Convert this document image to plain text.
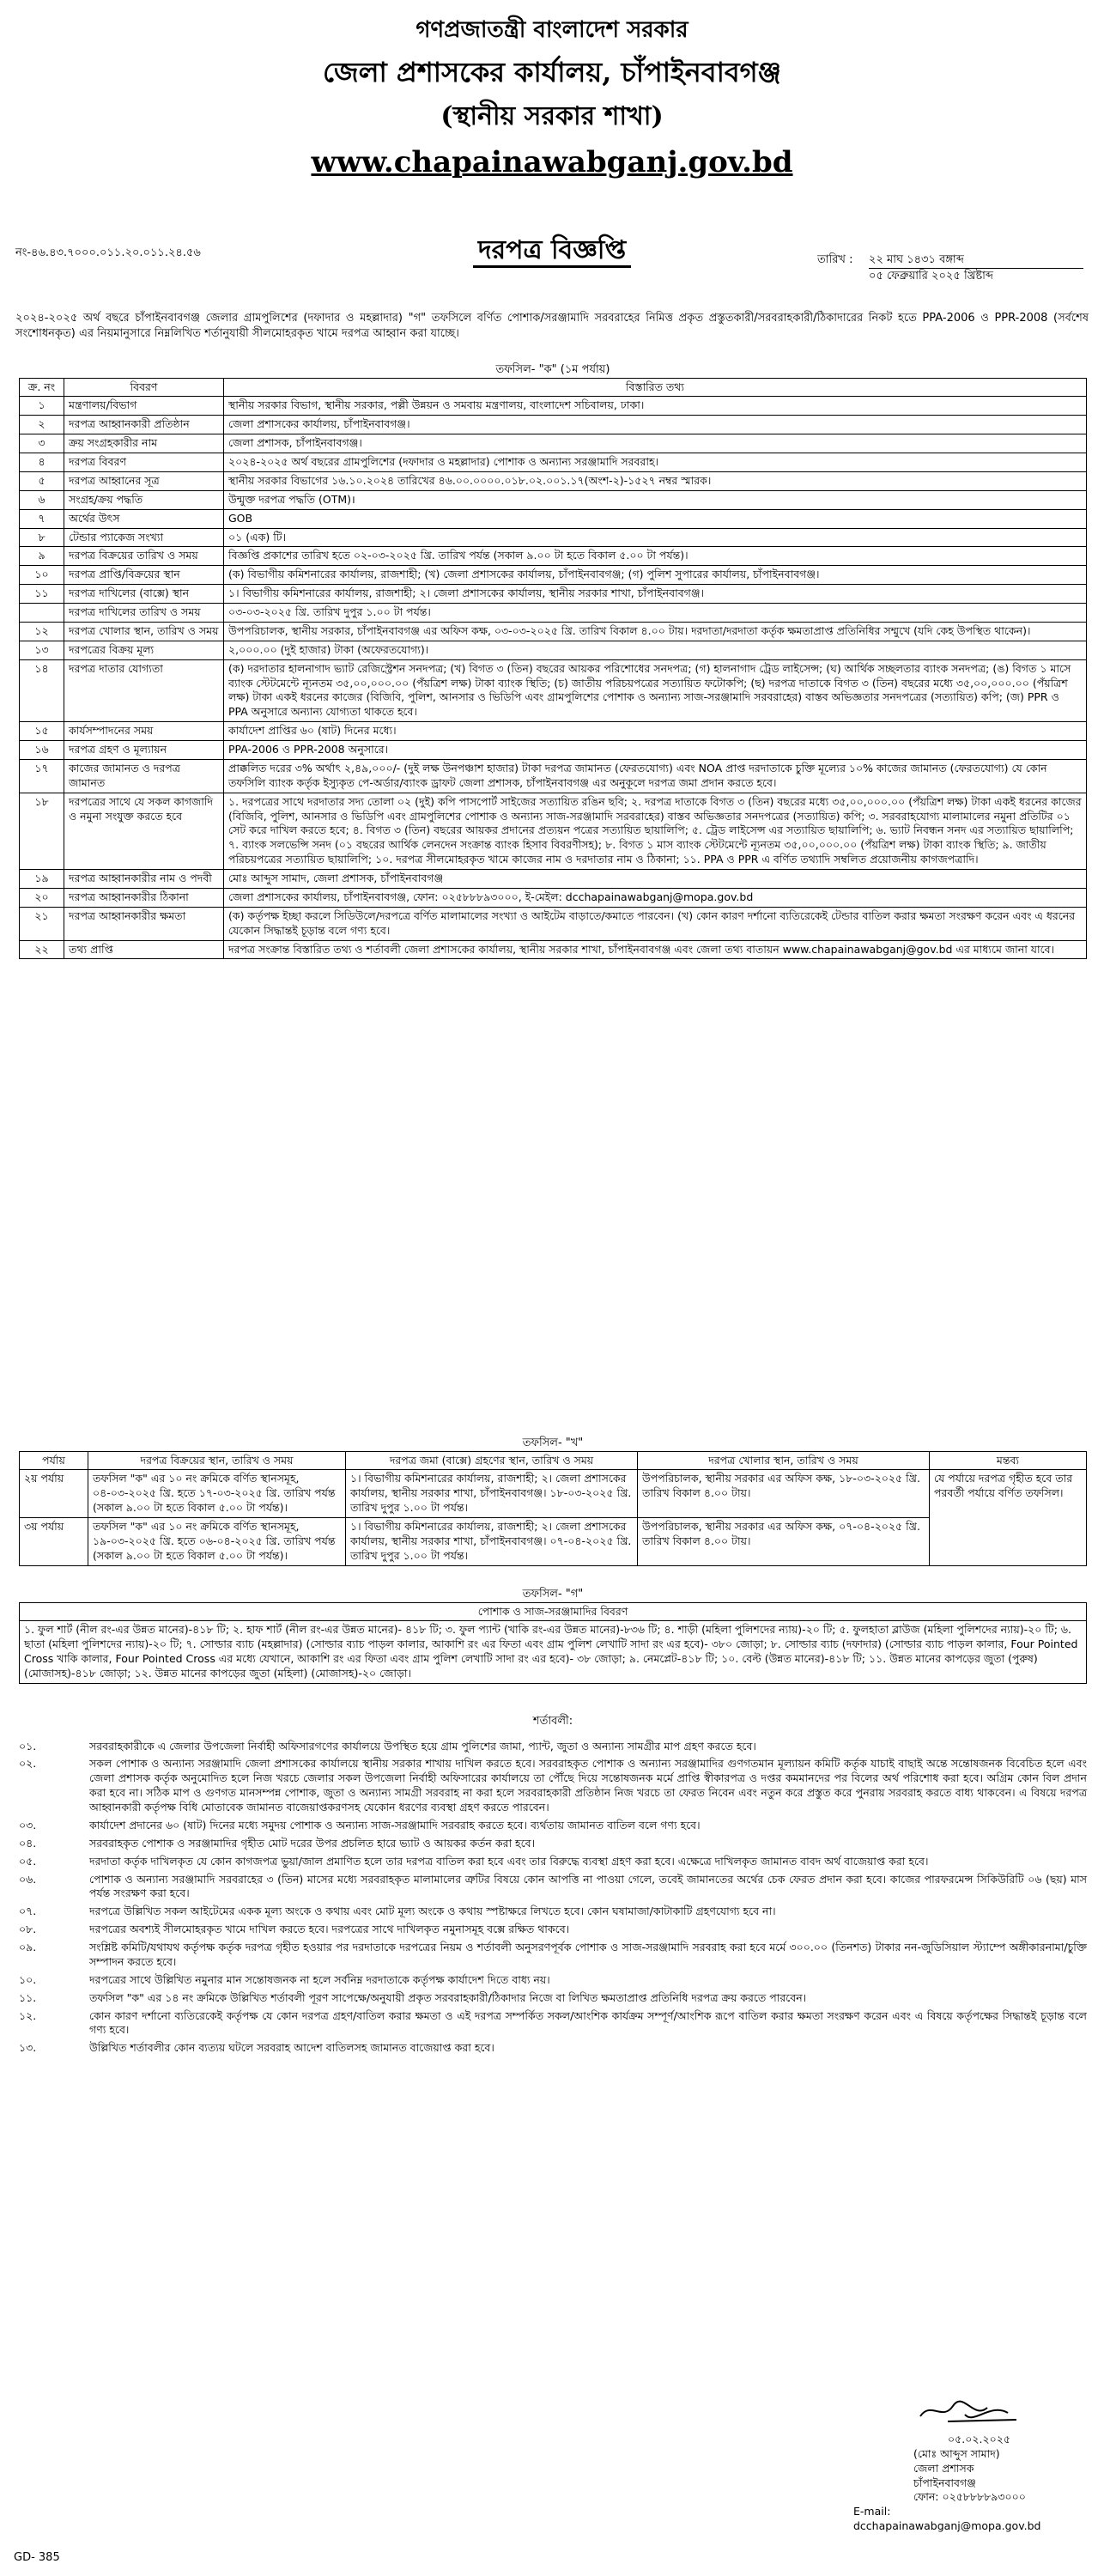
গণপ্রজাতন্ত্রী বাংলাদেশ সরকার
জেলা প্রশাসকের কার্যালয়, চাঁপাইনবাবগঞ্জ
(স্থানীয় সরকার শাখা)
www.chapainawabganj.gov.bd
নং-৪৬.৪৩.৭০০০.০১১.২০.০১১.২৪.৫৬	দরপত্র বিজ্ঞপ্তি	তারিখ :	২২ মাঘ ১৪৩১ বঙ্গাব্দ
০৫ ফেব্রুয়ারি ২০২৫ খ্রিষ্টাব্দ
২০২৪-২০২৫ অর্থ বছরে চাঁপাইনবাবগঞ্জ জেলার গ্রামপুলিশের (দফাদার ও মহল্লাদার) "গ" তফসিলে বর্ণিত পোশাক/সরঞ্জামাদি সরবরাহের নিমিত্ত প্রকৃত প্রস্তুতকারী/সরবরাহকারী/ঠিকাদারের নিকট হতে PPA-2006 ও PPR-2008 (সর্বশেষ সংশোধনকৃত) এর নিয়মানুসারে নিম্নলিখিত শর্তানুযায়ী সীলমোহরকৃত খামে দরপত্র আহ্বান করা যাচ্ছে।

তফসিল- "ক" (১ম পর্যায়)

ক্র. নং	বিবরণ	বিস্তারিত তথ্য
১	মন্ত্রণালয়/বিভাগ	স্থানীয় সরকার বিভাগ, স্থানীয় সরকার, পল্লী উন্নয়ন ও সমবায় মন্ত্রণালয়, বাংলাদেশ সচিবালয়, ঢাকা।
২	দরপত্র আহ্বানকারী প্রতিষ্ঠান	জেলা প্রশাসকের কার্যালয়, চাঁপাইনবাবগঞ্জ।
৩	ক্রয় সংগ্রহকারীর নাম	জেলা প্রশাসক, চাঁপাইনবাবগঞ্জ।
৪	দরপত্র বিবরণ	২০২৪-২০২৫ অর্থ বছরের গ্রামপুলিশের (দফাদার ও মহল্লাদার) পোশাক ও অন্যান্য সরঞ্জামাদি সরবরাহ।
৫	দরপত্র আহ্বানের সূত্র	স্থানীয় সরকার বিভাগের ১৬.১০.২০২৪ তারিখের ৪৬.০০.০০০০.০১৮.০২.০০১.১৭(অংশ-২)-১৫২৭ নম্বর স্মারক।
৬	সংগ্রহ/ক্রয় পদ্ধতি	উন্মুক্ত দরপত্র পদ্ধতি (OTM)।
৭	অর্থের উৎস	GOB
৮	টেন্ডার প্যাকেজ সংখ্যা	০১ (এক) টি।
৯	দরপত্র বিক্রয়ের তারিখ ও সময়	বিজ্ঞপ্তি প্রকাশের তারিখ হতে ০২-০৩-২০২৫ খ্রি. তারিখ পর্যন্ত (সকাল ৯.০০ টা হতে বিকাল ৫.০০ টা পর্যন্ত)।
১০	দরপত্র প্রাপ্তি/বিক্রয়ের স্থান	(ক) বিভাগীয় কমিশনারের কার্যালয়, রাজশাহী; (খ) জেলা প্রশাসকের কার্যালয়, চাঁপাইনবাবগঞ্জ; (গ) পুলিশ সুপারের কার্যালয়, চাঁপাইনবাবগঞ্জ।
১১	দরপত্র দাখিলের (বাক্সে) স্থান	১। বিভাগীয় কমিশনারের কার্যালয়, রাজশাহী; ২। জেলা প্রশাসকের কার্যালয়, স্থানীয় সরকার শাখা, চাঁপাইনবাবগঞ্জ।
	দরপত্র দাখিলের তারিখ ও সময়	০৩-০৩-২০২৫ খ্রি. তারিখ দুপুর ১.০০ টা পর্যন্ত।
১২	দরপত্র খোলার স্থান, তারিখ ও সময়	উপপরিচালক, স্থানীয় সরকার, চাঁপাইনবাবগঞ্জ এর অফিস কক্ষ, ০৩-০৩-২০২৫ খ্রি. তারিখ বিকাল ৪.০০ টায়। দরদাতা/দরদাতা কর্তৃক ক্ষমতাপ্রাপ্ত প্রতিনিধির সম্মুখে (যদি কেহ উপস্থিত থাকেন)।
১৩	দরপত্রের বিক্রয় মূল্য	২,০০০.০০ (দুই হাজার) টাকা (অফেরতযোগ্য)।
১৪	দরপত্র দাতার যোগ্যতা	(ক) দরদাতার হালনাগাদ ভ্যাট রেজিস্ট্রেশন সনদপত্র; (খ) বিগত ৩ (তিন) বছরের আয়কর পরিশোধের সনদপত্র; (গ) হালনাগাদ ট্রেড লাইসেন্স; (ঘ) আর্থিক সচ্ছলতার ব্যাংক সনদপত্র; (ঙ) বিগত ১ মাসে ব্যাংক স্টেটমেন্টে ন্যূনতম ৩৫,০০,০০০.০০ (পঁয়ত্রিশ লক্ষ) টাকা ব্যাংক স্থিতি; (চ) জাতীয় পরিচয়পত্রের সত্যায়িত ফটোকপি; (ছ) দরপত্র দাতাকে বিগত ৩ (তিন) বছরের মধ্যে ৩৫,০০,০০০.০০ (পঁয়ত্রিশ লক্ষ) টাকা একই ধরনের কাজের (বিজিবি, পুলিশ, আনসার ও ভিডিপি এবং গ্রামপুলিশের পোশাক ও অন্যান্য সাজ-সরঞ্জামাদি সরবরাহের) বাস্তব অভিজ্ঞতার সনদপত্রের (সত্যায়িত) কপি; (জ) PPR ও PPA অনুসারে অন্যান্য যোগ্যতা থাকতে হবে।
১৫	কার্যসম্পাদনের সময়	কার্যাদেশ প্রাপ্তির ৬০ (ষাট) দিনের মধ্যে।
১৬	দরপত্র গ্রহণ ও মূল্যায়ন	PPA-2006 ও PPR-2008 অনুসারে।
১৭	কাজের জামানত ও দরপত্র জামানত	প্রাক্কলিত দরের ৩% অর্থাৎ ২,৪৯,০০০/- (দুই লক্ষ উনপঞ্চাশ হাজার) টাকা দরপত্র জামানত (ফেরতযোগ্য) এবং NOA প্রাপ্ত দরদাতাকে চুক্তি মূল্যের ১০% কাজের জামানত (ফেরতযোগ্য) যে কোন তফসিলি ব্যাংক কর্তৃক ইস্যুকৃত পে-অর্ডার/ব্যাংক ড্রাফট জেলা প্রশাসক, চাঁপাইনবাবগঞ্জ এর অনুকূলে দরপত্র জমা প্রদান করতে হবে।
১৮	দরপত্রের সাথে যে সকল কাগজাদি ও নমুনা সংযুক্ত করতে হবে	১. দরপত্রের সাথে দরদাতার সদ্য তোলা ০২ (দুই) কপি পাসপোর্ট সাইজের সত্যায়িত রঙিন ছবি; ২. দরপত্র দাতাকে বিগত ৩ (তিন) বছরের মধ্যে ৩৫,০০,০০০.০০ (পঁয়ত্রিশ লক্ষ) টাকা একই ধরনের কাজের (বিজিবি, পুলিশ, আনসার ও ভিডিপি এবং গ্রামপুলিশের পোশাক ও অন্যান্য সাজ-সরঞ্জামাদি সরবরাহের) বাস্তব অভিজ্ঞতার সনদপত্রের (সত্যায়িত) কপি; ৩. সরবরাহযোগ্য মালামালের নমুনা প্রতিটির ০১ সেট করে দাখিল করতে হবে; ৪. বিগত ৩ (তিন) বছরের আয়কর প্রদানের প্রত্যয়ন পত্রের সত্যায়িত ছায়ালিপি; ৫. ট্রেড লাইসেন্স এর সত্যায়িত ছায়ালিপি; ৬. ভ্যাট নিবন্ধন সনদ এর সত্যায়িত ছায়ালিপি; ৭. ব্যাংক সলভেন্সি সনদ (০১ বছরের আর্থিক লেনদেন সংক্রান্ত ব্যাংক হিসাব বিবরণীসহ); ৮. বিগত ১ মাস ব্যাংক স্টেটমেন্টে ন্যূনতম ৩৫,০০,০০০.০০ (পঁয়ত্রিশ লক্ষ) টাকা ব্যাংক স্থিতি; ৯. জাতীয় পরিচয়পত্রের সত্যায়িত ছায়ালিপি; ১০. দরপত্র সীলমোহরকৃত খামে কাজের নাম ও দরদাতার নাম ও ঠিকানা; ১১. PPA ও PPR এ বর্ণিত তথ্যাদি সম্বলিত প্রয়োজনীয় কাগজপত্রাদি।
১৯	দরপত্র আহ্বানকারীর নাম ও পদবী	মোঃ আব্দুস সামাদ, জেলা প্রশাসক, চাঁপাইনবাবগঞ্জ
২০	দরপত্র আহ্বানকারীর ঠিকানা	জেলা প্রশাসকের কার্যালয়, চাঁপাইনবাবগঞ্জ, ফোন: ০২৫৮৮৮৯৩০০০, ই-মেইল: dcchapainawabganj@mopa.gov.bd
২১	দরপত্র আহ্বানকারীর ক্ষমতা	(ক) কর্তৃপক্ষ ইচ্ছা করলে সিডিউলে/দরপত্রে বর্ণিত মালামালের সংখ্যা ও আইটেম বাড়াতে/কমাতে পারবেন। (খ) কোন কারণ দর্শানো ব্যতিরেকেই টেন্ডার বাতিল করার ক্ষমতা সংরক্ষণ করেন এবং এ ধরনের যেকোন সিদ্ধান্তই চূড়ান্ত বলে গণ্য হবে।
২২	তথ্য প্রাপ্তি	দরপত্র সংক্রান্ত বিস্তারিত তথ্য ও শর্তাবলী জেলা প্রশাসকের কার্যালয়, স্থানীয় সরকার শাখা, চাঁপাইনবাবগঞ্জ এবং জেলা তথ্য বাতায়ন www.chapainawabganj@gov.bd এর মাধ্যমে জানা যাবে।

তফসিল- "খ"

পর্যায়	দরপত্র বিক্রয়ের স্থান, তারিখ ও সময়	দরপত্র জমা (বাক্সে) গ্রহণের স্থান, তারিখ ও সময়	দরপত্র খোলার স্থান, তারিখ ও সময়	মন্তব্য
২য় পর্যায়	তফসিল "ক" এর ১০ নং ক্রমিকে বর্ণিত স্থানসমূহ, ০৪-০৩-২০২৫ খ্রি. হতে ১৭-০৩-২০২৫ খ্রি. তারিখ পর্যন্ত (সকাল ৯.০০ টা হতে বিকাল ৫.০০ টা পর্যন্ত)।	১। বিভাগীয় কমিশনারের কার্যালয়, রাজশাহী; ২। জেলা প্রশাসকের কার্যালয়, স্থানীয় সরকার শাখা, চাঁপাইনবাবগঞ্জ। ১৮-০৩-২০২৫ খ্রি. তারিখ দুপুর ১.০০ টা পর্যন্ত।	উপপরিচালক, স্থানীয় সরকার এর অফিস কক্ষ, ১৮-০৩-২০২৫ খ্রি. তারিখ বিকাল ৪.০০ টায়।	যে পর্যায়ে দরপত্র গৃহীত হবে তার পরবর্তী পর্যায়ে বর্ণিত তফসিল।
৩য় পর্যায়	তফসিল "ক" এর ১০ নং ক্রমিকে বর্ণিত স্থানসমূহ, ১৯-০৩-২০২৫ খ্রি. হতে ০৬-০৪-২০২৫ খ্রি. তারিখ পর্যন্ত (সকাল ৯.০০ টা হতে বিকাল ৫.০০ টা পর্যন্ত)।	১। বিভাগীয় কমিশনারের কার্যালয়, রাজশাহী; ২। জেলা প্রশাসকের কার্যালয়, স্থানীয় সরকার শাখা, চাঁপাইনবাবগঞ্জ। ০৭-০৪-২০২৫ খ্রি. তারিখ দুপুর ১.০০ টা পর্যন্ত।	উপপরিচালক, স্থানীয় সরকার এর অফিস কক্ষ, ০৭-০৪-২০২৫ খ্রি. তারিখ বিকাল ৪.০০ টায়।	

তফসিল- "গ"

পোশাক ও সাজ-সরঞ্জামাদির বিবরণ
১. ফুল শার্ট (নীল রং-এর উন্নত মানের)-৪১৮ টি; ২. হাফ শার্ট (নীল রং-এর উন্নত মানের)- ৪১৮ টি; ৩. ফুল প্যান্ট (খাকি রং-এর উন্নত মানের)-৮৩৬ টি; ৪. শাড়ী (মহিলা পুলিশদের ন্যায়)-২০ টি; ৫. ফুলহাতা ব্লাউজ (মহিলা পুলিশদের ন্যায়)-২০ টি; ৬. ছাতা (মহিলা পুলিশদের ন্যায়)-২০ টি; ৭. সোল্ডার ব্যাচ (মহল্লাদার) (সোল্ডার ব্যাচ পাড়ল কালার, আকাশি রং এর ফিতা এবং গ্রাম পুলিশ লেখাটি সাদা রং এর হবে)- ৩৮০ জোড়া; ৮. সোল্ডার ব্যাচ (দফাদার) (সোল্ডার ব্যাচ পাড়ল কালার, Four Pointed Cross খাকি কালার, Four Pointed Cross এর মধ্যে যেখানে, আকাশি রং এর ফিতা এবং গ্রাম পুলিশ লেখাটি সাদা রং এর হবে)- ৩৮ জোড়া; ৯. নেমপ্লেট-৪১৮ টি; ১০. বেল্ট (উন্নত মানের)-৪১৮ টি; ১১. উন্নত মানের কাপড়ের জুতা (পুরুষ) (মোজাসহ)-৪১৮ জোড়া; ১২. উন্নত মানের কাপড়ের জুতা (মহিলা) (মোজাসহ)-২০ জোড়া।
শর্তাবলী:
০১.	সরবরাহকারীকে এ জেলার উপজেলা নির্বাহী অফিসারগণের কার্যালয়ে উপস্থিত হয়ে গ্রাম পুলিশের জামা, প্যান্ট, জুতা ও অন্যান্য সামগ্রীর মাপ গ্রহণ করতে হবে।
০২.	সকল পোশাক ও অন্যান্য সরঞ্জামাদি জেলা প্রশাসকের কার্যালয়ে স্থানীয় সরকার শাখায় দাখিল করতে হবে। সরবরাহকৃত পোশাক ও অন্যান্য সরঞ্জামাদির গুণগতমান মূল্যায়ন কমিটি কর্তৃক যাচাই বাছাই অন্তে সন্তোষজনক বিবেচিত হলে এবং জেলা প্রশাসক কর্তৃক অনুমোদিত হলে নিজ খরচে জেলার সকল উপজেলা নির্বাহী অফিসারের কার্যালয়ে তা পৌঁছে দিয়ে সন্তোষজনক মর্মে প্রাপ্তি স্বীকারপত্র ও দপ্তর কমমানদের পর বিলের অর্থ পরিশোধ করা হবে। অগ্রিম কোন বিল প্রদান করা হবে না। সঠিক মাপ ও গুণগত মানসম্পন্ন পোশাক, জুতা ও অন্যান্য সামগ্রী সরবরাহ না করা হলে সরবরাহকারী প্রতিষ্ঠান নিজ খরচে তা ফেরত নিবেন এবং নতুন করে প্রস্তুত করে পুনরায় সরবরাহ করতে বাধ্য থাকবেন। এ বিষয়ে দরপত্র আহ্বানকারী কর্তৃপক্ষ বিধি মোতাবেক জামানত বাজেয়াপ্তকরণসহ যেকোন ধরণের ব্যবস্থা গ্রহণ করতে পারবেন।
০৩.	কার্যাদেশ প্রদানের ৬০ (ষাট) দিনের মধ্যে সমুদয় পোশাক ও অন্যান্য সাজ-সরঞ্জামাদি সরবরাহ করতে হবে। ব্যর্থতায় জামানত বাতিল বলে গণ্য হবে।
০৪.	সরবরাহকৃত পোশাক ও সরঞ্জামাদির গৃহীত মোট দরের উপর প্রচলিত হারে ভ্যাট ও আয়কর কর্তন করা হবে।
০৫.	দরদাতা কর্তৃক দাখিলকৃত যে কোন কাগজপত্র ভুয়া/জাল প্রমাণিত হলে তার দরপত্র বাতিল করা হবে এবং তার বিরুদ্ধে ব্যবস্থা গ্রহণ করা হবে। এক্ষেত্রে দাখিলকৃত জামানত বাবদ অর্থ বাজেয়াপ্ত করা হবে।
০৬.	পোশাক ও অন্যান্য সরঞ্জামাদি সরবরাহের ৩ (তিন) মাসের মধ্যে সরবরাহকৃত মালামালের ত্রুটির বিষয়ে কোন আপত্তি না পাওয়া গেলে, তবেই জামানতের অর্থের চেক ফেরত প্রদান করা হবে। কাজের পারফরমেন্স সিকিউরিটি ০৬ (ছয়) মাস পর্যন্ত সংরক্ষণ করা হবে।
০৭.	দরপত্রে উল্লিখিত সকল আইটেমের একক মূল্য অংকে ও কথায় এবং মোট মূল্য অংকে ও কথায় স্পষ্টাক্ষরে লিখতে হবে। কোন ঘষামাজা/কাটাকাটি গ্রহণযোগ্য হবে না।
০৮.	দরপত্রের অবশ্যই সীলমোহরকৃত খামে দাখিল করতে হবে। দরপত্রের সাথে দাখিলকৃত নমুনাসমূহ বক্সে রক্ষিত থাকবে।
০৯.	সংশ্লিষ্ট কমিটি/যথাযথ কর্তৃপক্ষ কর্তৃক দরপত্র গৃহীত হওয়ার পর দরদাতাকে দরপত্রের নিয়ম ও শর্তাবলী অনুসরণপূর্বক পোশাক ও সাজ-সরঞ্জামাদি সরবরাহ করা হবে মর্মে ৩০০.০০ (তিনশত) টাকার নন-জুডিসিয়াল স্ট্যাম্পে অঙ্গীকারনামা/চুক্তি সম্পাদন করতে হবে।
১০.	দরপত্রের সাথে উল্লিখিত নমুনার মান সন্তোষজনক না হলে সর্বনিম্ন দরদাতাকে কর্তৃপক্ষ কার্যাদেশ দিতে বাধ্য নয়।
১১.	তফসিল "ক" এর ১৪ নং ক্রমিকে উল্লিখিত শর্তাবলী পূরণ সাপেক্ষে/অনুযায়ী প্রকৃত সরবরাহকারী/ঠিকাদার নিজে বা লিখিত ক্ষমতাপ্রাপ্ত প্রতিনিধি দরপত্র ক্রয় করতে পারবেন।
১২.	কোন কারণ দর্শানো ব্যতিরেকেই কর্তৃপক্ষ যে কোন দরপত্র গ্রহণ/বাতিল করার ক্ষমতা ও এই দরপত্র সম্পর্কিত সকল/আংশিক কার্যক্রম সম্পূর্ণ/আংশিক রূপে বাতিল করার ক্ষমতা সংরক্ষণ করেন এবং এ বিষয়ে কর্তৃপক্ষের সিদ্ধান্তই চূড়ান্ত বলে গণ্য হবে।
১৩.	উল্লিখিত শর্তাবলীর কোন ব্যত্যয় ঘটলে সরবরাহ আদেশ বাতিলসহ জামানত বাজেয়াপ্ত করা হবে।
০৫.০২.২০২৫
(মোঃ আব্দুস সামাদ)
জেলা প্রশাসক
চাঁপাইনবাবগঞ্জ
ফোন: ০২৫৮৮৮৮৯৩০০০
E-mail: dcchapainawabganj@mopa.gov.bd
GD- 385
